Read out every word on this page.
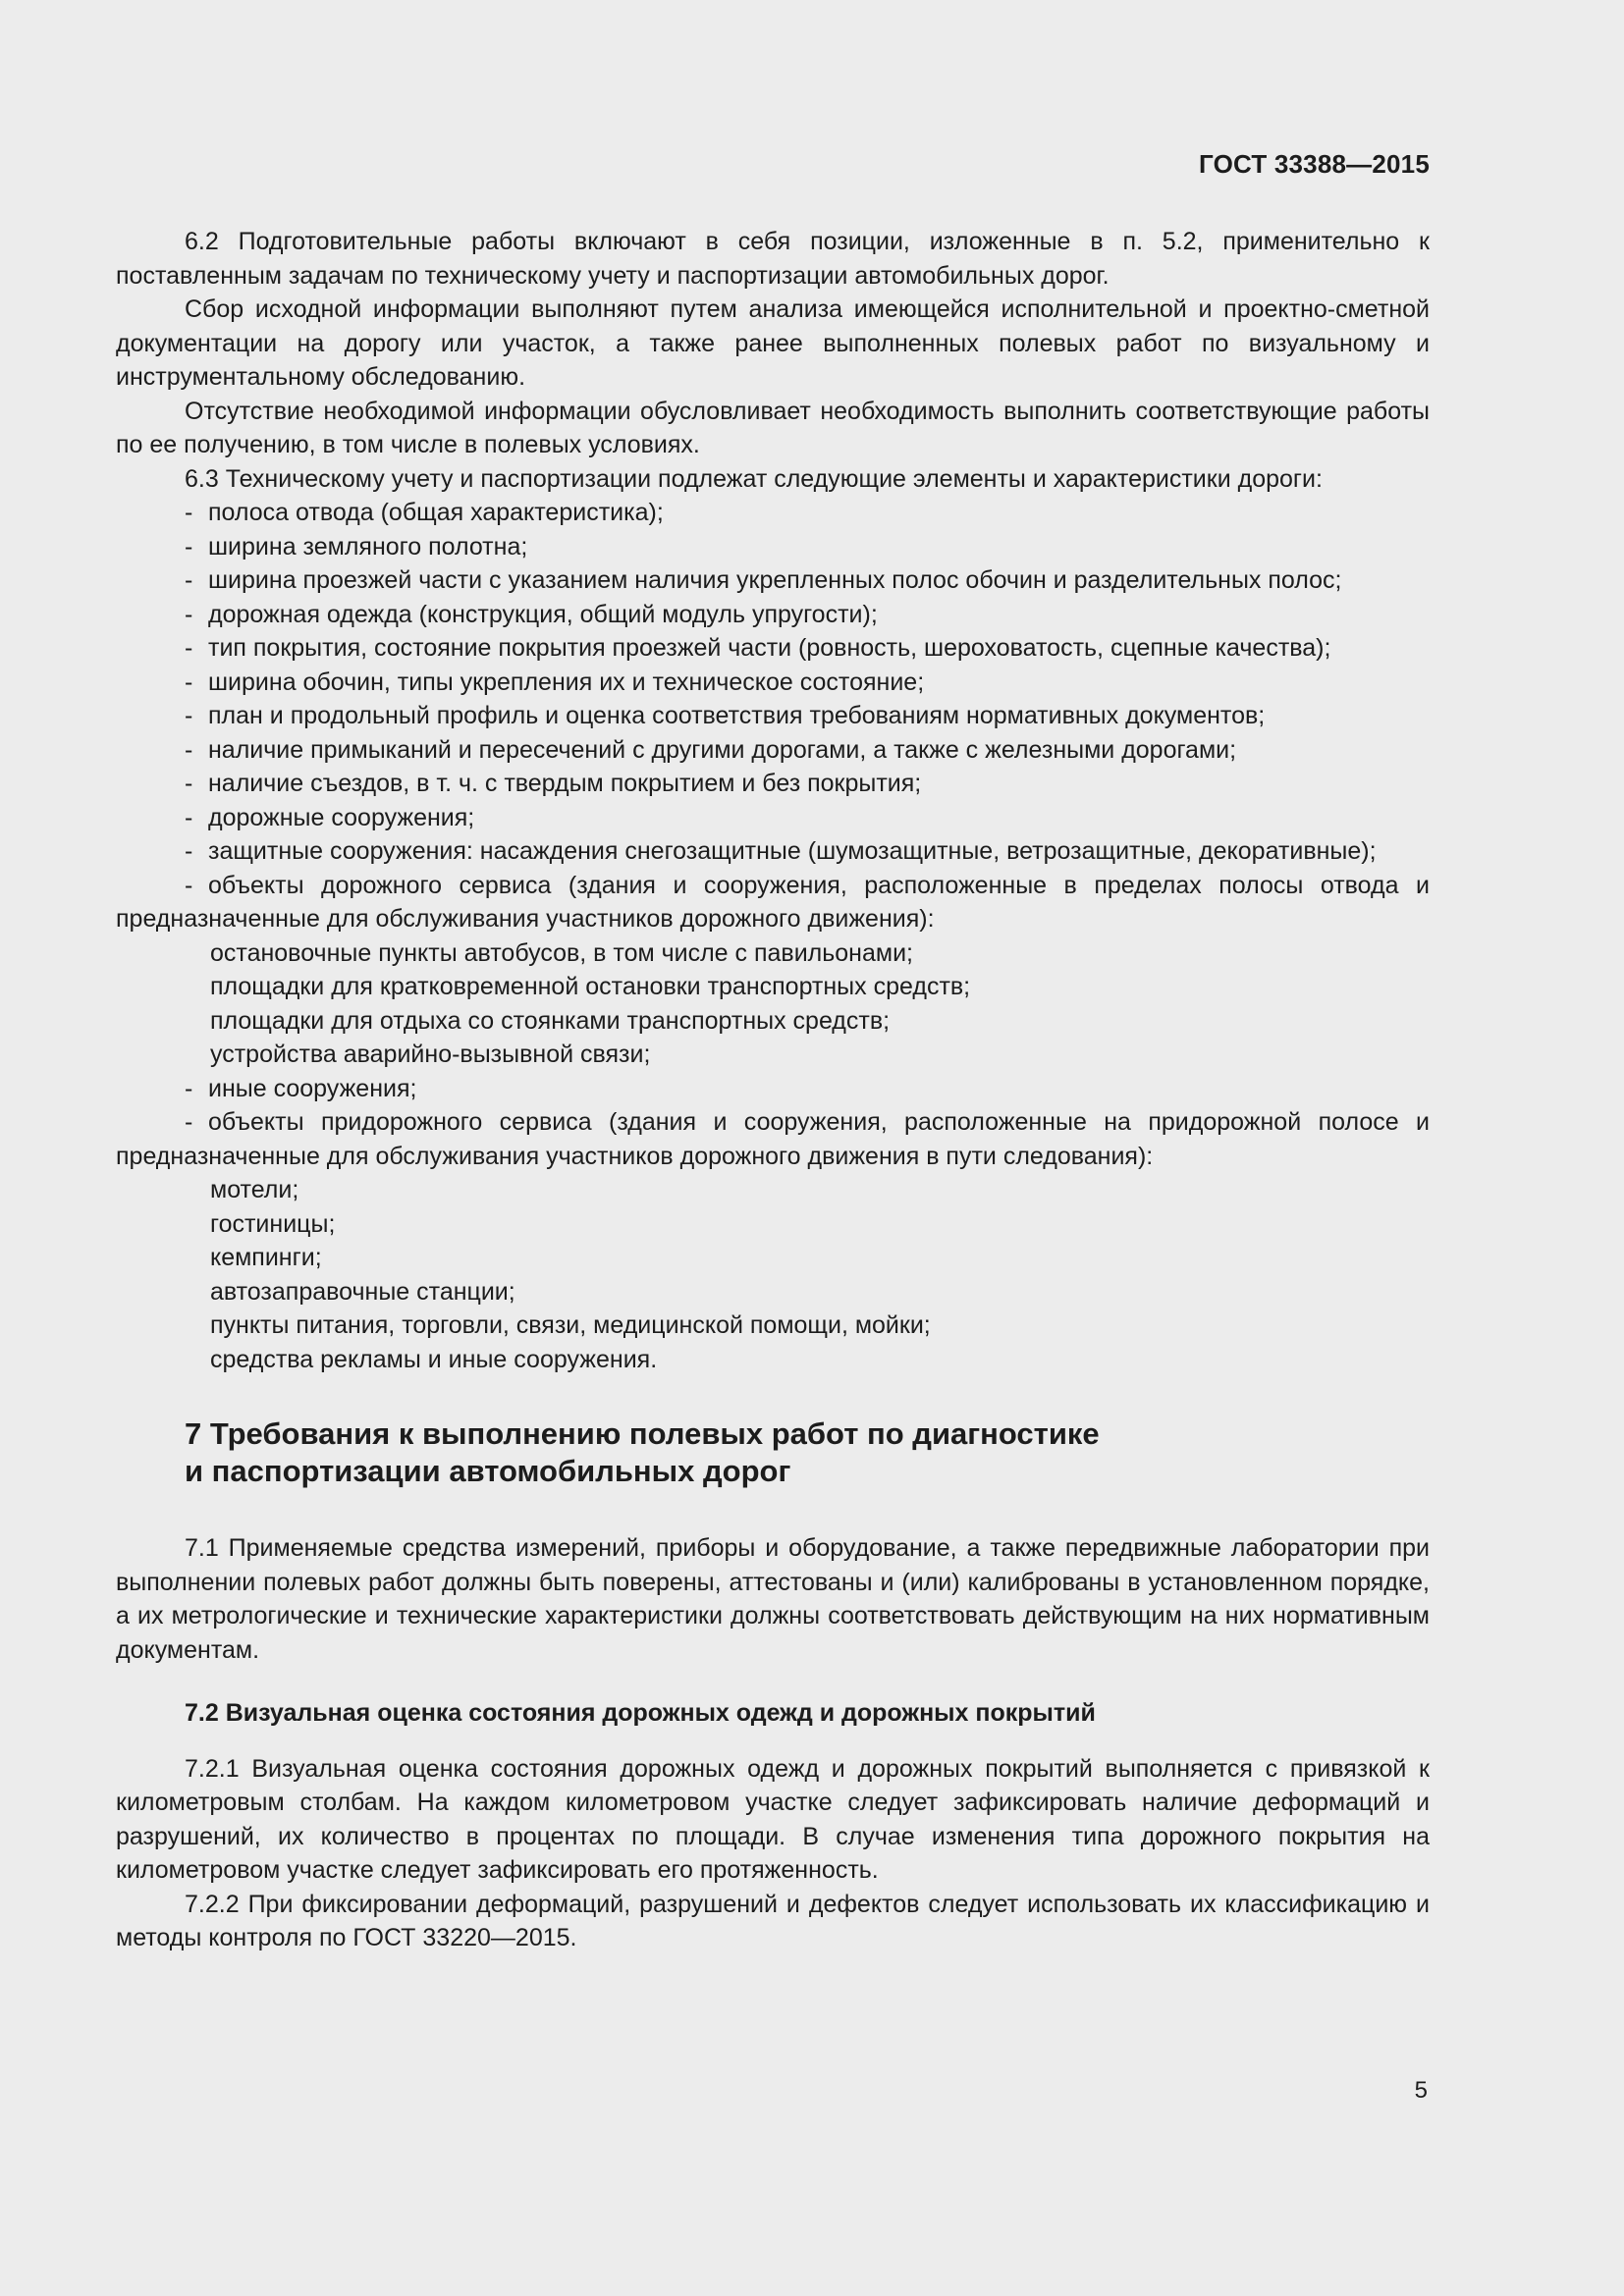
ГОСТ 33388—2015

6.2 Подготовительные работы включают в себя позиции, изложенные в п. 5.2, применительно к поставленным задачам по техническому учету и паспортизации автомобильных дорог.

Сбор исходной информации выполняют путем анализа имеющейся исполнительной и проектно-сметной документации на дорогу или участок, а также ранее выполненных полевых работ по визуальному и инструментальному обследованию.

Отсутствие необходимой информации обусловливает необходимость выполнить соответствующие работы по ее получению, в том числе в полевых условиях.

6.3 Техническому учету и паспортизации подлежат следующие элементы и характеристики дороги:

- полоса отвода (общая характеристика);

- ширина земляного полотна;

- ширина проезжей части с указанием наличия укрепленных полос обочин и разделительных полос;

- дорожная одежда (конструкция, общий модуль упругости);

- тип покрытия, состояние покрытия проезжей части (ровность, шероховатость, сцепные качества);

- ширина обочин, типы укрепления их и техническое состояние;

- план и продольный профиль и оценка соответствия требованиям нормативных документов;

- наличие примыканий и пересечений с другими дорогами, а также с железными дорогами;

- наличие съездов, в т. ч. с твердым покрытием и без покрытия;

- дорожные сооружения;

- защитные сооружения: насаждения снегозащитные (шумозащитные, ветрозащитные, декоративные);

- объекты дорожного сервиса (здания и сооружения, расположенные в пределах полосы отвода и предназначенные для обслуживания участников дорожного движения):

остановочные пункты автобусов, в том числе с павильонами;

площадки для кратковременной остановки транспортных средств;

площадки для отдыха со стоянками транспортных средств;

устройства аварийно-вызывной связи;

- иные сооружения;

- объекты придорожного сервиса (здания и сооружения, расположенные на придорожной полосе и предназначенные для обслуживания участников дорожного движения в пути следования):

мотели;

гостиницы;

кемпинги;

автозаправочные станции;

пункты питания, торговли, связи, медицинской помощи, мойки;

средства рекламы и иные сооружения.

7 Требования к выполнению полевых работ по диагностике
и паспортизации автомобильных дорог

7.1 Применяемые средства измерений, приборы и оборудование, а также передвижные лаборатории при выполнении полевых работ должны быть поверены, аттестованы и (или) калиброваны в установленном порядке, а их метрологические и технические характеристики должны соответствовать действующим на них нормативным документам.

7.2 Визуальная оценка состояния дорожных одежд и дорожных покрытий

7.2.1 Визуальная оценка состояния дорожных одежд и дорожных покрытий выполняется с привязкой к километровым столбам. На каждом километровом участке следует зафиксировать наличие деформаций и разрушений, их количество в процентах по площади. В случае изменения типа дорожного покрытия на километровом участке следует зафиксировать его протяженность.

7.2.2 При фиксировании деформаций, разрушений и дефектов следует использовать их классификацию и методы контроля по ГОСТ 33220—2015.

5
